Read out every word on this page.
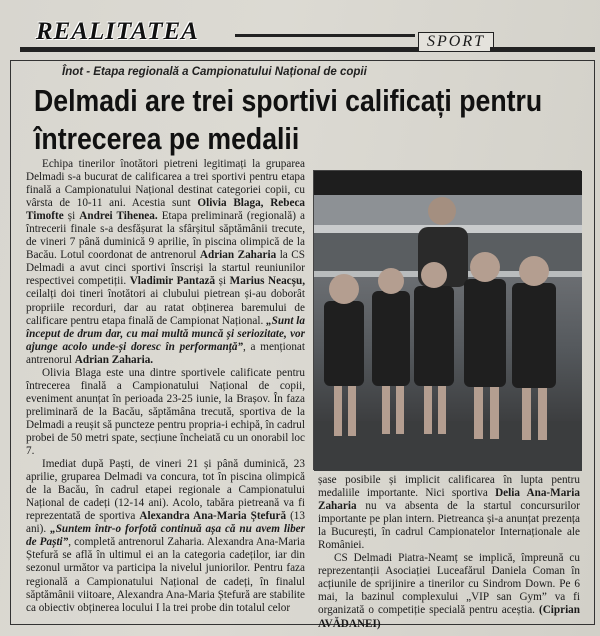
REALITATEA	SPORT
Înot - Etapa regională a Campionatului Național de copii
Delmadi are trei sportivi calificați pentru întrecerea pe medalii

Echipa tinerilor înotători pietreni legitimați la gruparea Delmadi s-a bucurat de calificarea a trei sportivi pentru etapa finală a Campionatului Național destinat categoriei copii, cu vârsta de 10-11 ani. Acestia sunt Olivia Blaga, Rebeca Timofte și Andrei Tihenea. Etapa preliminară (regională) a întrecerii finale s-a desfășurat la sfârșitul săptămânii trecute, de vineri 7 până duminică 9 aprilie, în piscina olimpică de la Bacău. Lotul coordonat de antrenorul Adrian Zaharia la CS Delmadi a avut cinci sportivi înscriși la startul reuniunilor respectivei competiții. Vladimir Pantază și Marius Neacșu, ceilalți doi tineri înotători ai clubului pietrean și-au doborât propriile recorduri, dar au ratat obținerea baremului de calificare pentru etapa finală de Campionat Național. „Sunt la început de drum dar, cu mai multă muncă și seriozitate, vor ajunge acolo unde-și doresc în performanță”, a menționat antrenorul Adrian Zaharia.

Olivia Blaga este una dintre sportivele calificate pentru întrecerea finală a Campionatului Național de copii, eveniment anunțat în perioada 23-25 iunie, la Brașov. În faza preliminară de la Bacău, săptămâna trecută, sportiva de la Delmadi a reușit să puncteze pentru propria-i echipă, în cadrul probei de 50 metri spate, secțiune încheiată cu un onorabil loc 7.

Imediat după Paști, de vineri 21 și până duminică, 23 aprilie, gruparea Delmadi va concura, tot în piscina olimpică de la Bacău, în cadrul etapei regionale a Campionatului Național de cadeți (12-14 ani). Acolo, tabăra pietreană va fi reprezentată de sportiva Alexandra Ana-Maria Ștefură (13 ani). „Suntem într-o forfotă continuă așa că nu avem liber de Paști”, completă antrenorul Zaharia. Alexandra Ana-Maria Ștefură se află în ultimul ei an la categoria cadeților, iar din sezonul următor va participa la nivelul juniorilor. Pentru faza regională a Campionatului Național de cadeți, în finalul săptămânii viitoare, Alexandra Ana-Maria Ștefură are stabilite ca obiectiv obținerea locului I la trei probe din totalul celor

șase posibile și implicit calificarea în lupta pentru medaliile importante. Nici sportiva Delia Ana-Maria Zaharia nu va absenta de la startul concursurilor importante pe plan intern. Pietreanca și-a anunțat prezența la București, în cadrul Campionatelor Internaționale ale României.

CS Delmadi Piatra-Neamț se implică, împreună cu reprezentanții Asociației Luceafărul Daniela Coman în acțiunile de sprijinire a tinerilor cu Sindrom Down. Pe 6 mai, la bazinul complexului „VIP san Gym” va fi organizată o competiție specială pentru aceștia. (Ciprian AVĂDANEI)
